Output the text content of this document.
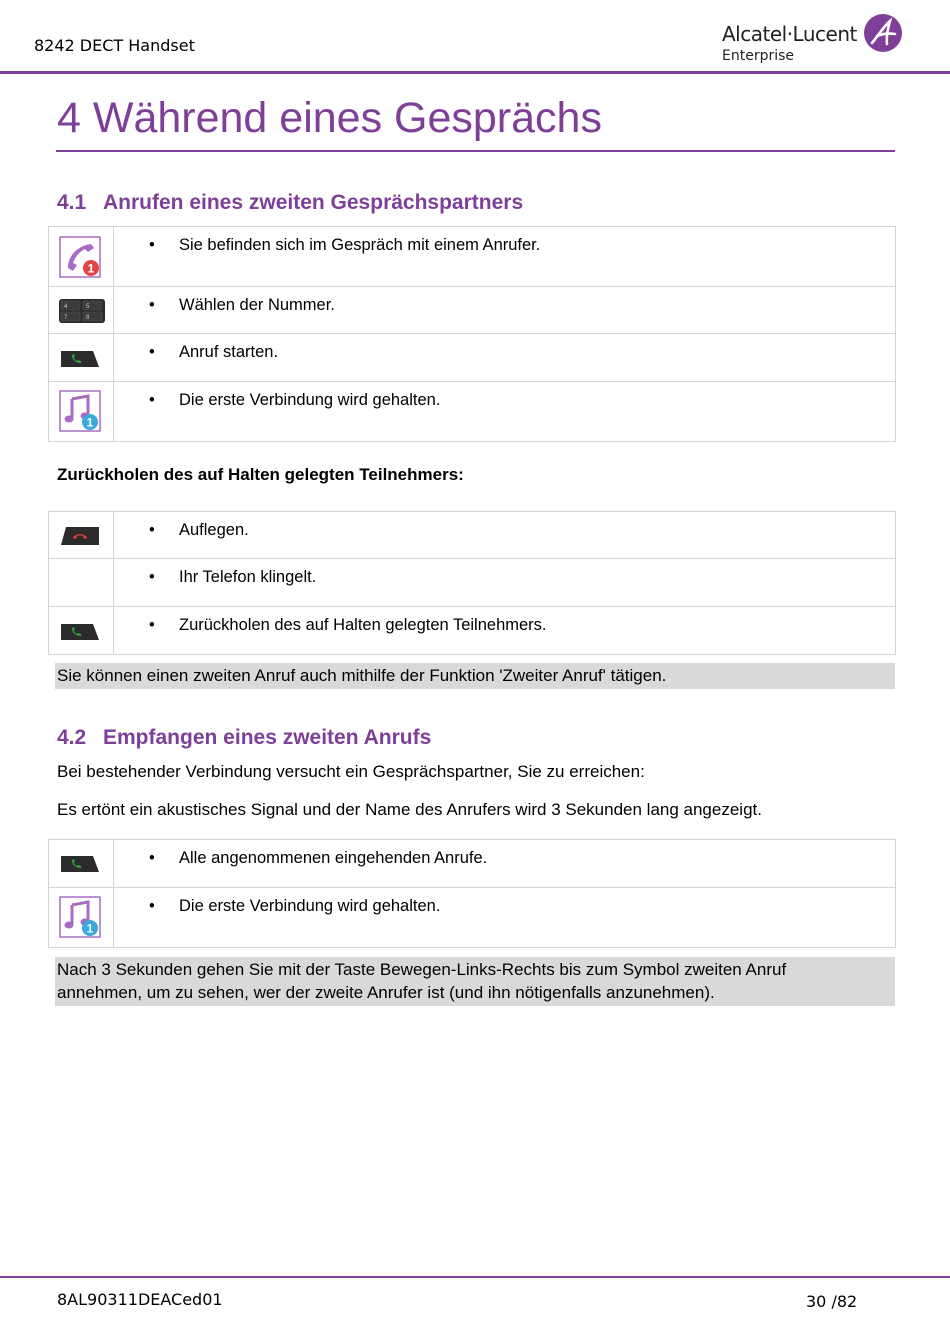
8242 DECT Handset	Alcatel·Lucent
Enterprise
4 Während eines Gesprächs
4.1 Anrufen eines zweiten Gesprächspartners
1	• Sie befinden sich im Gespräch mit einem Anrufer.

4 5
7 8	• Wählen der Nummer.

	• Anruf starten.

1	• Die erste Verbindung wird gehalten.
Zurückholen des auf Halten gelegten Teilnehmers:
	• Auflegen.
	• Ihr Telefon klingelt.

	• Zurückholen des auf Halten gelegten Teilnehmers.
Sie können einen zweiten Anruf auch mithilfe der Funktion 'Zweiter Anruf' tätigen.
4.2 Empfangen eines zweiten Anrufs
Bei bestehender Verbindung versucht ein Gesprächspartner, Sie zu erreichen:
Es ertönt ein akustisches Signal und der Name des Anrufers wird 3 Sekunden lang angezeigt.
	• Alle angenommenen eingehenden Anrufe.

1	• Die erste Verbindung wird gehalten.
Nach 3 Sekunden gehen Sie mit der Taste Bewegen-Links-Rechts bis zum Symbol zweiten Anruf
annehmen, um zu sehen, wer der zweite Anrufer ist (und ihn nötigenfalls anzunehmen).
8AL90311DEACed01	30 /82
